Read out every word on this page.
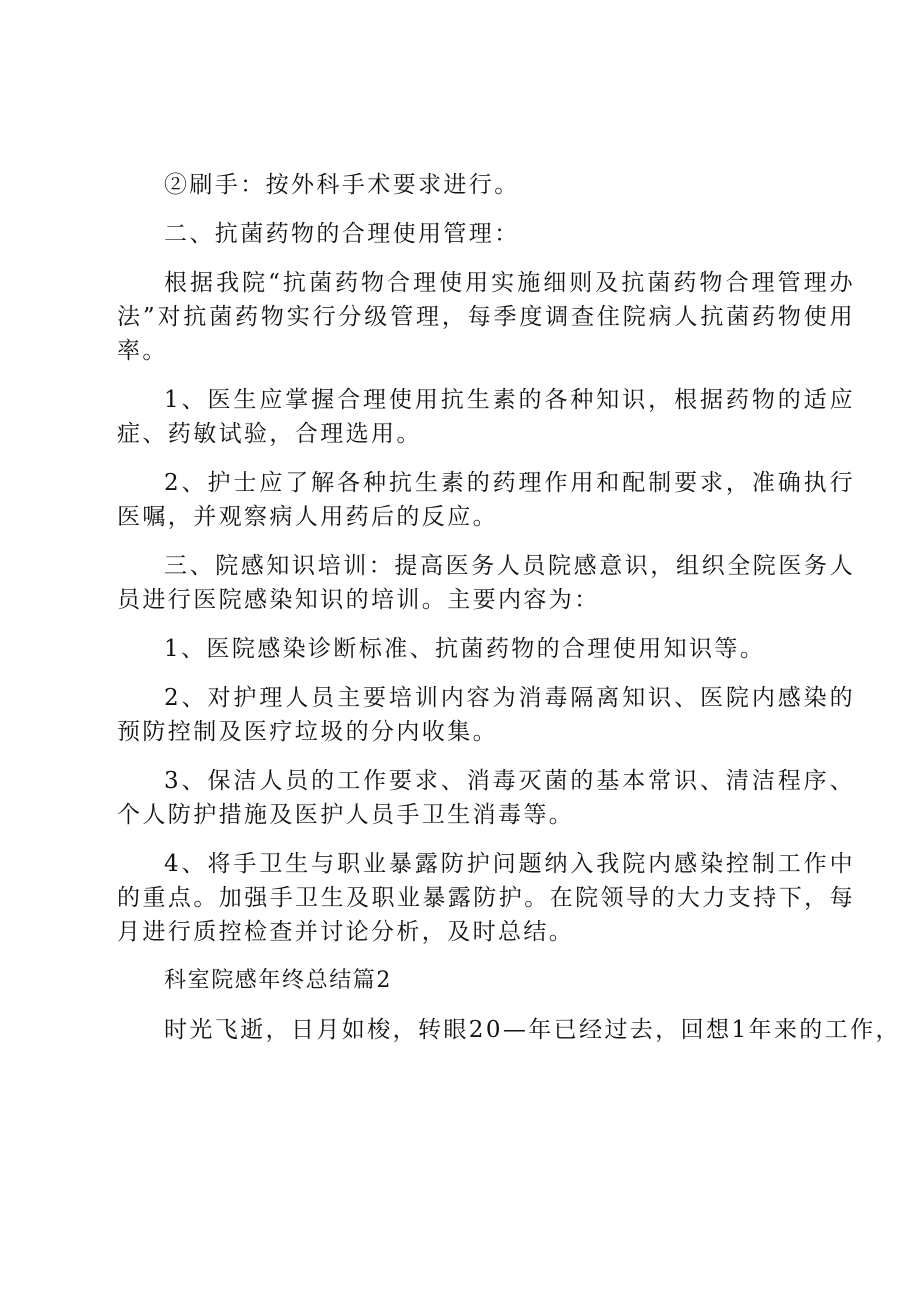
②刷手：按外科手术要求进行。

二、抗菌药物的合理使用管理：

根据我院“抗菌药物合理使用实施细则及抗菌药物合理管理办法”对抗菌药物实行分级管理，每季度调查住院病人抗菌药物使用率。

1、医生应掌握合理使用抗生素的各种知识，根据药物的适应症、药敏试验，合理选用。

2、护士应了解各种抗生素的药理作用和配制要求，准确执行医嘱，并观察病人用药后的反应。

三、院感知识培训：提高医务人员院感意识，组织全院医务人员进行医院感染知识的培训。主要内容为：

1、医院感染诊断标准、抗菌药物的合理使用知识等。

2、对护理人员主要培训内容为消毒隔离知识、医院内感染的预防控制及医疗垃圾的分内收集。

3、保洁人员的工作要求、消毒灭菌的基本常识、清洁程序、个人防护措施及医护人员手卫生消毒等。

4、将手卫生与职业暴露防护问题纳入我院内感染控制工作中的重点。加强手卫生及职业暴露防护。在院领导的大力支持下，每月进行质控检查并讨论分析，及时总结。

科室院感年终总结篇2

时光飞逝，日月如梭，转眼20—年已经过去，回想1年来的工作，
